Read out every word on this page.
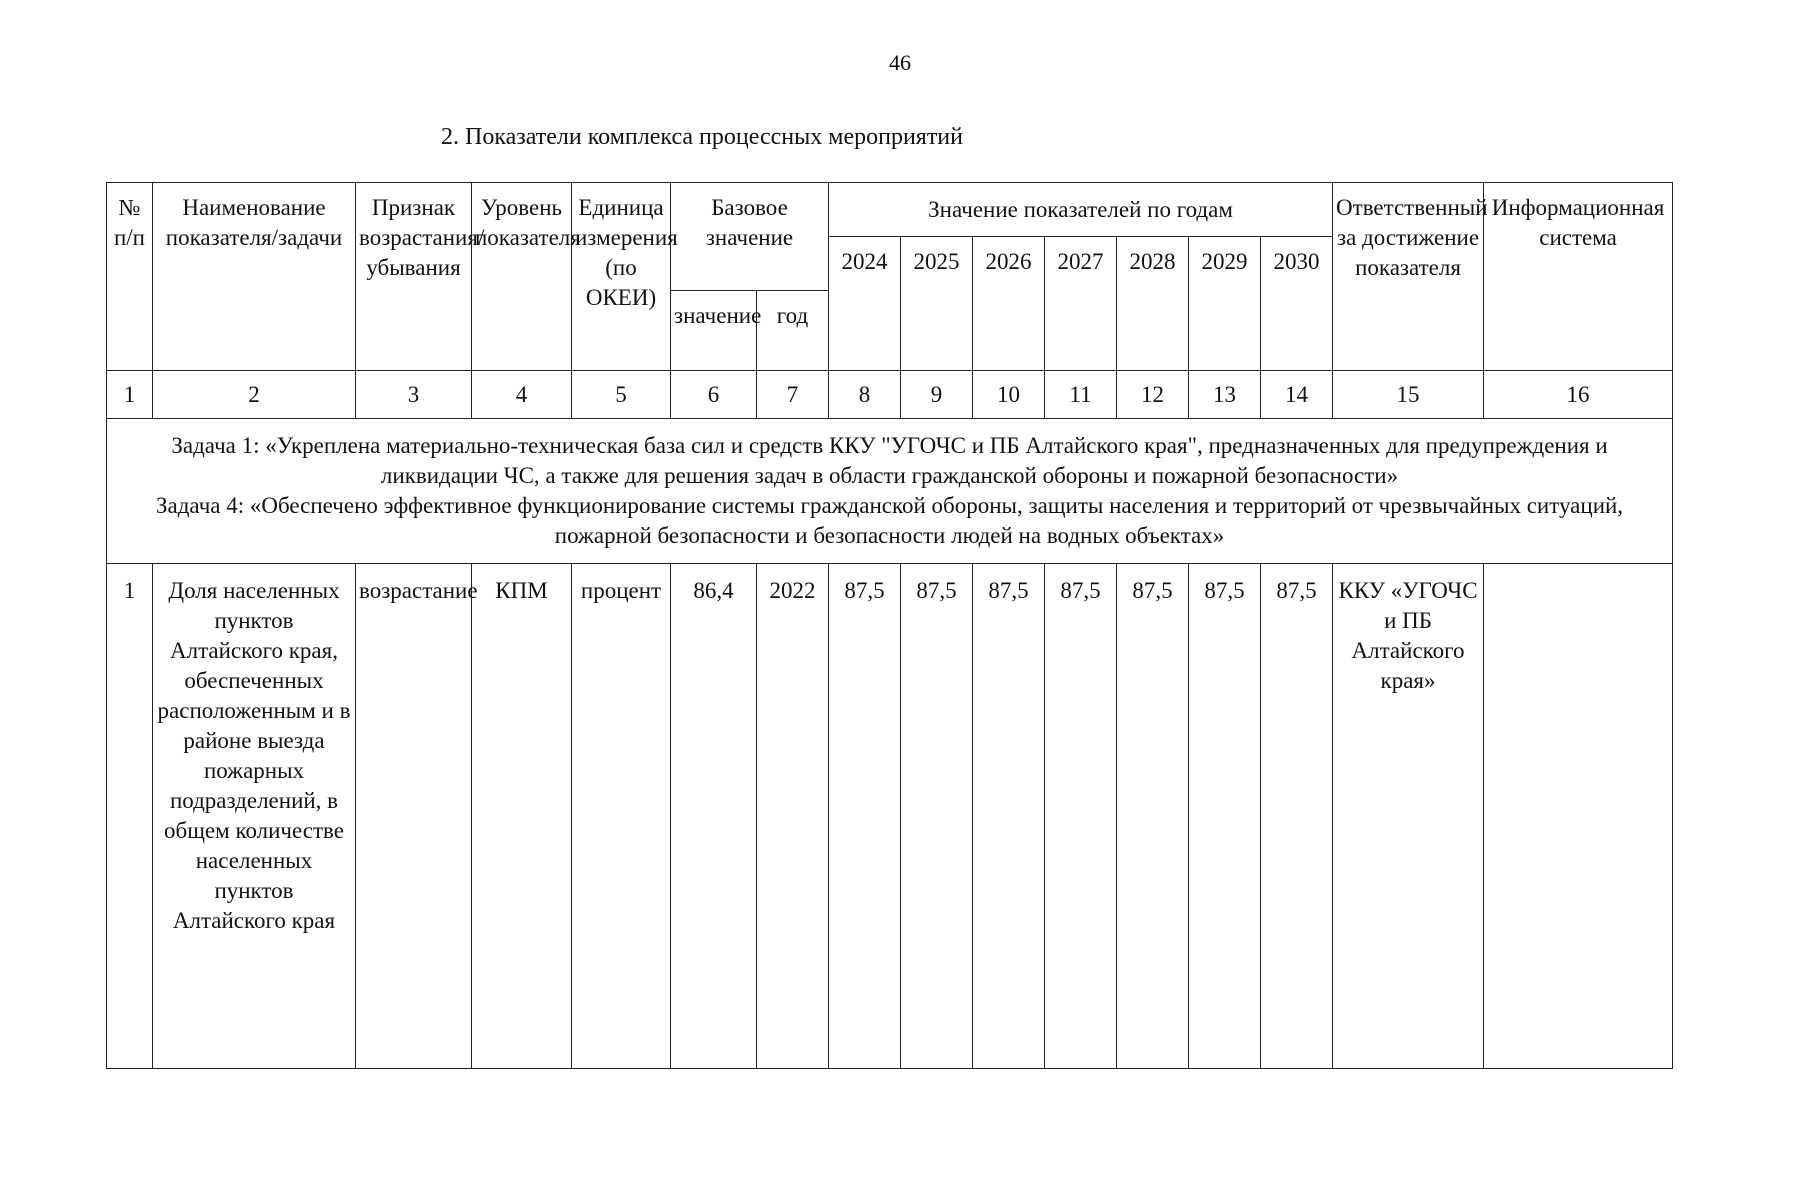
46
2. Показатели комплекса процессных мероприятий
№ п/п	Наименование показателя/задачи	Признак возрастания/ убывания	Уровень показателя	Единица измерения (по ОКЕИ)	Базовое значение		Значение показателей по годам							Ответственный за достижение показателя	Информационная система
							2024	2025	2026	2027	2028	2029	2030		
					значение	год									
1	2	3	4	5	6	7	8	9	10	11	12	13	14	15	16

Задача 1: «Укреплена материально-техническая база сил и средств ККУ "УГОЧС и ПБ Алтайского края", предназначенных для предупреждения и ликвидации ЧС, а также для решения задач в области гражданской обороны и пожарной безопасности»
Задача 4: «Обеспечено эффективное функционирование системы гражданской обороны, защиты населения и территорий от чрезвычайных ситуаций, пожарной безопасности и безопасности людей на водных объектах»															

1	Доля населенных пунктов Алтайского края, обеспеченных расположенным и в районе выезда пожарных подразделений, в общем количестве населенных пунктов Алтайского края	возрастание	КПМ	процент	86,4	2022	87,5	87,5	87,5	87,5	87,5	87,5	87,5	ККУ «УГОЧС и ПБ Алтайского края»	
